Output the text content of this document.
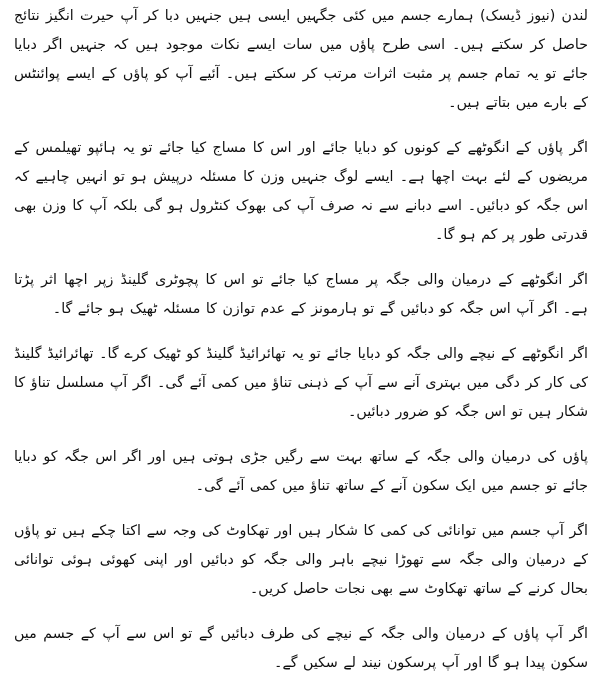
لندن (نیوز ڈیسک) ہمارے جسم میں کئی جگہیں ایسی ہیں جنہیں دبا کر آپ حیرت انگیز نتائج حاصل کر سکتے ہیں۔ اسی طرح پاؤں میں سات ایسے نکات موجود ہیں کہ جنہیں اگر دبایا جائے تو یہ تمام جسم پر مثبت اثرات مرتب کر سکتے ہیں۔ آئیے آپ کو پاؤں کے ایسے پوائنٹس کے بارے میں بتاتے ہیں۔

اگر پاؤں کے انگوٹھے کے کونوں کو دبایا جائے اور اس کا مساج کیا جائے تو یہ ہائپو تھیلمس کے مریضوں کے لئے بہت اچھا ہے۔ ایسے لوگ جنہیں وزن کا مسئلہ درپیش ہو تو انہیں چاہیے کہ اس جگہ کو دبائیں۔ اسے دبانے سے نہ صرف آپ کی بھوک کنٹرول ہو گی بلکہ آپ کا وزن بھی قدرتی طور پر کم ہو گا۔

اگر انگوٹھے کے درمیان والی جگہ پر مساج کیا جائے تو اس کا پچوٹری گلینڈ زپر اچھا اثر پڑتا ہے۔ اگر آپ اس جگہ کو دبائیں گے تو ہارمونز کے عدم توازن کا مسئلہ ٹھیک ہو جائے گا۔

اگر انگوٹھے کے نیچے والی جگہ کو دبایا جائے تو یہ تھائرائیڈ گلینڈ کو ٹھیک کرے گا۔ تھائرائیڈ گلینڈ کی کار کر دگی میں بہتری آنے سے آپ کے ذہنی تناؤ میں کمی آئے گی۔ اگر آپ مسلسل تناؤ کا شکار ہیں تو اس جگہ کو ضرور دبائیں۔

پاؤں کی درمیان والی جگہ کے ساتھ بہت سے رگیں جڑی ہوتی ہیں اور اگر اس جگہ کو دبایا جائے تو جسم میں ایک سکون آنے کے ساتھ تناؤ میں کمی آئے گی۔

اگر آپ جسم میں توانائی کی کمی کا شکار ہیں اور تھکاوٹ کی وجہ سے اکتا چکے ہیں تو پاؤں کے درمیان والی جگہ سے تھوڑا نیچے باہر والی جگہ کو دبائیں اور اپنی کھوئی ہوئی توانائی بحال کرنے کے ساتھ تھکاوٹ سے بھی نجات حاصل کریں۔

اگر آپ پاؤں کے درمیان والی جگہ کے نیچے کی طرف دبائیں گے تو اس سے آپ کے جسم میں سکون پیدا ہو گا اور آپ پرسکون نیند لے سکیں گے۔
